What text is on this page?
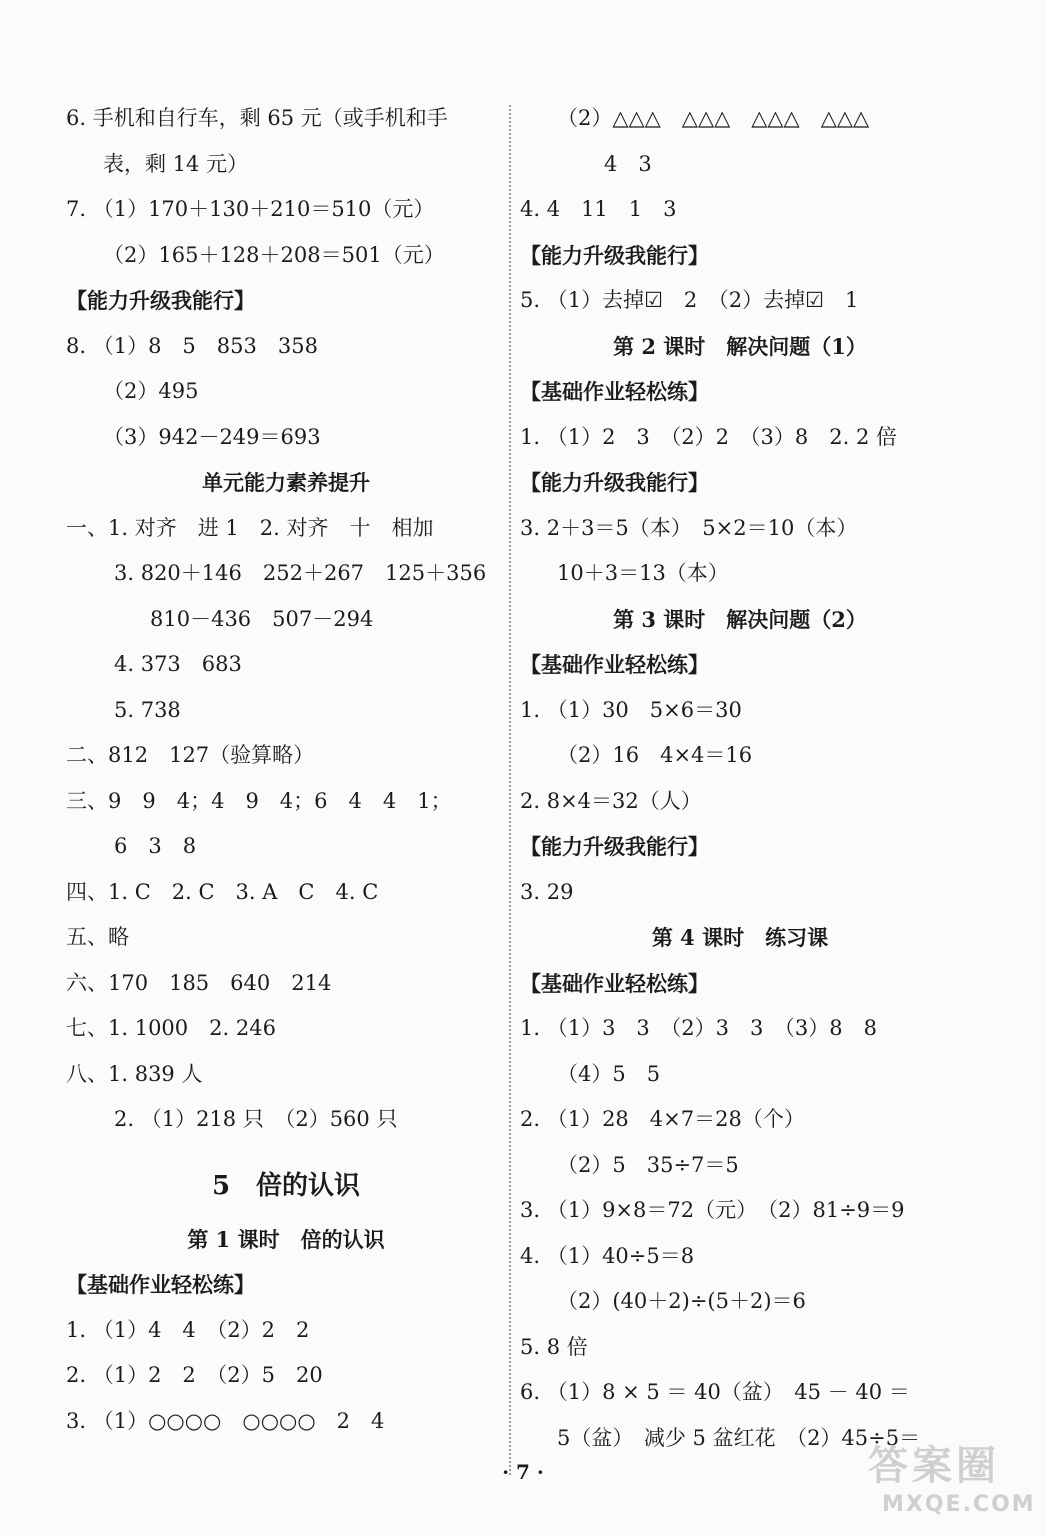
6. 手机和自行车，剩 65 元（或手机和手
表，剩 14 元）
7. （1）170＋130＋210＝510（元）
（2）165＋128＋208＝501（元）
【能力升级我能行】
8. （1）8　5　853　358
（2）495
（3）942－249＝693
单元能力素养提升
一、1. 对齐　进 1　2. 对齐　十　相加
3. 820＋146　252＋267　125＋356
810－436　507－294
4. 373　683
5. 738
二、812　127（验算略）
三、9　9　4；4　9　4；6　4　4　1；
6　3　8
四、1. C　2. C　3. A　C　4. C
五、略
六、170　185　640　214
七、1. 1000　2. 246
八、1. 839 人
2. （1）218 只　（2）560 只
5　倍的认识
第 1 课时　倍的认识
【基础作业轻松练】
1. （1）4　4　（2）2　2
2. （1）2　2　（2）5　20
3. （1）○○○○　○○○○　2　4
（2）△△△　△△△　△△△　△△△
4　3
4. 4　11　1　3
【能力升级我能行】
5. （1）去掉☑　2　（2）去掉☑　1
第 2 课时　解决问题（1）
【基础作业轻松练】
1. （1）2　3　（2）2　（3）8　2. 2 倍
【能力升级我能行】
3. 2＋3＝5（本）　5×2＝10（本）
10＋3＝13（本）
第 3 课时　解决问题（2）
【基础作业轻松练】
1. （1）30　5×6＝30
（2）16　4×4＝16
2. 8×4＝32（人）
【能力升级我能行】
3. 29
第 4 课时　练习课
【基础作业轻松练】
1. （1）3　3　（2）3　3　（3）8　8
（4）5　5
2. （1）28　4×7＝28（个）
（2）5　35÷7＝5
3. （1）9×8＝72（元）　（2）81÷9＝9
4. （1）40÷5＝8
（2）(40＋2)÷(5＋2)＝6
5. 8 倍
6. （1）8 × 5 ＝ 40（盆）　45 － 40 ＝
5（盆）　减少 5 盆红花　（2）45÷5＝
· 7 ·	答案圈
MXQE.COM
